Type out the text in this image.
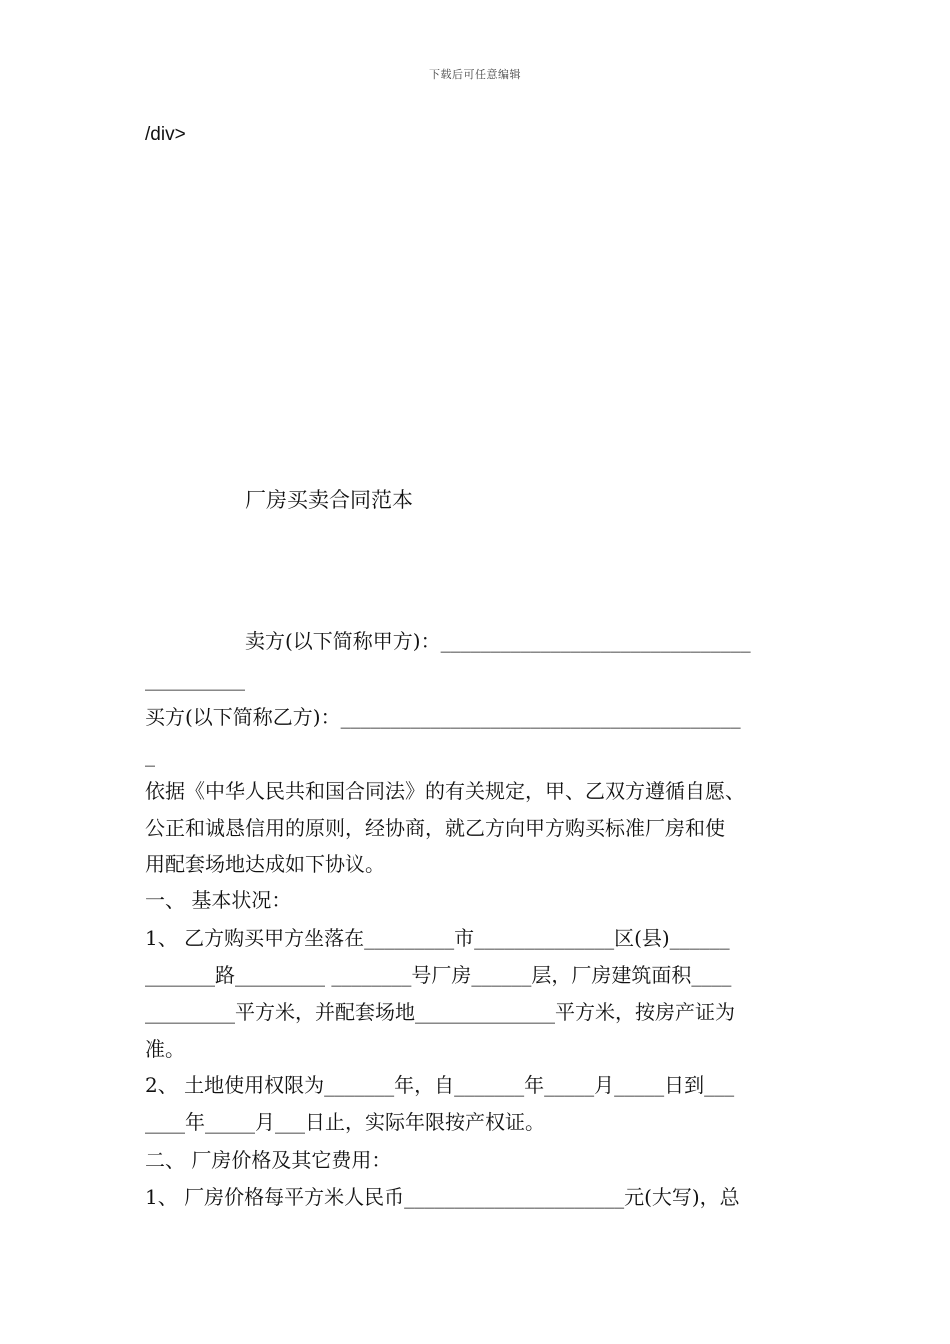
下载后可任意编辑
/div>
厂房买卖合同范本
卖方(以下简称甲方)：_______________________________
__________
买方(以下简称乙方)：________________________________________
_
依据《中华人民共和国合同法》的有关规定，甲、乙双方遵循自愿、
公正和诚恳信用的原则，经协商，就乙方向甲方购买标准厂房和使
用配套场地达成如下协议。
一、 基本状况：
1、 乙方购买甲方坐落在_________市______________区(县)______
_______路_________ ________号厂房______层，厂房建筑面积____
_________平方米，并配套场地______________平方米，按房产证为
准。
2、 土地使用权限为_______年，自_______年_____月_____日到___
____年_____月___日止，实际年限按产权证。
二、 厂房价格及其它费用：
1、 厂房价格每平方米人民币______________________元(大写)，总
